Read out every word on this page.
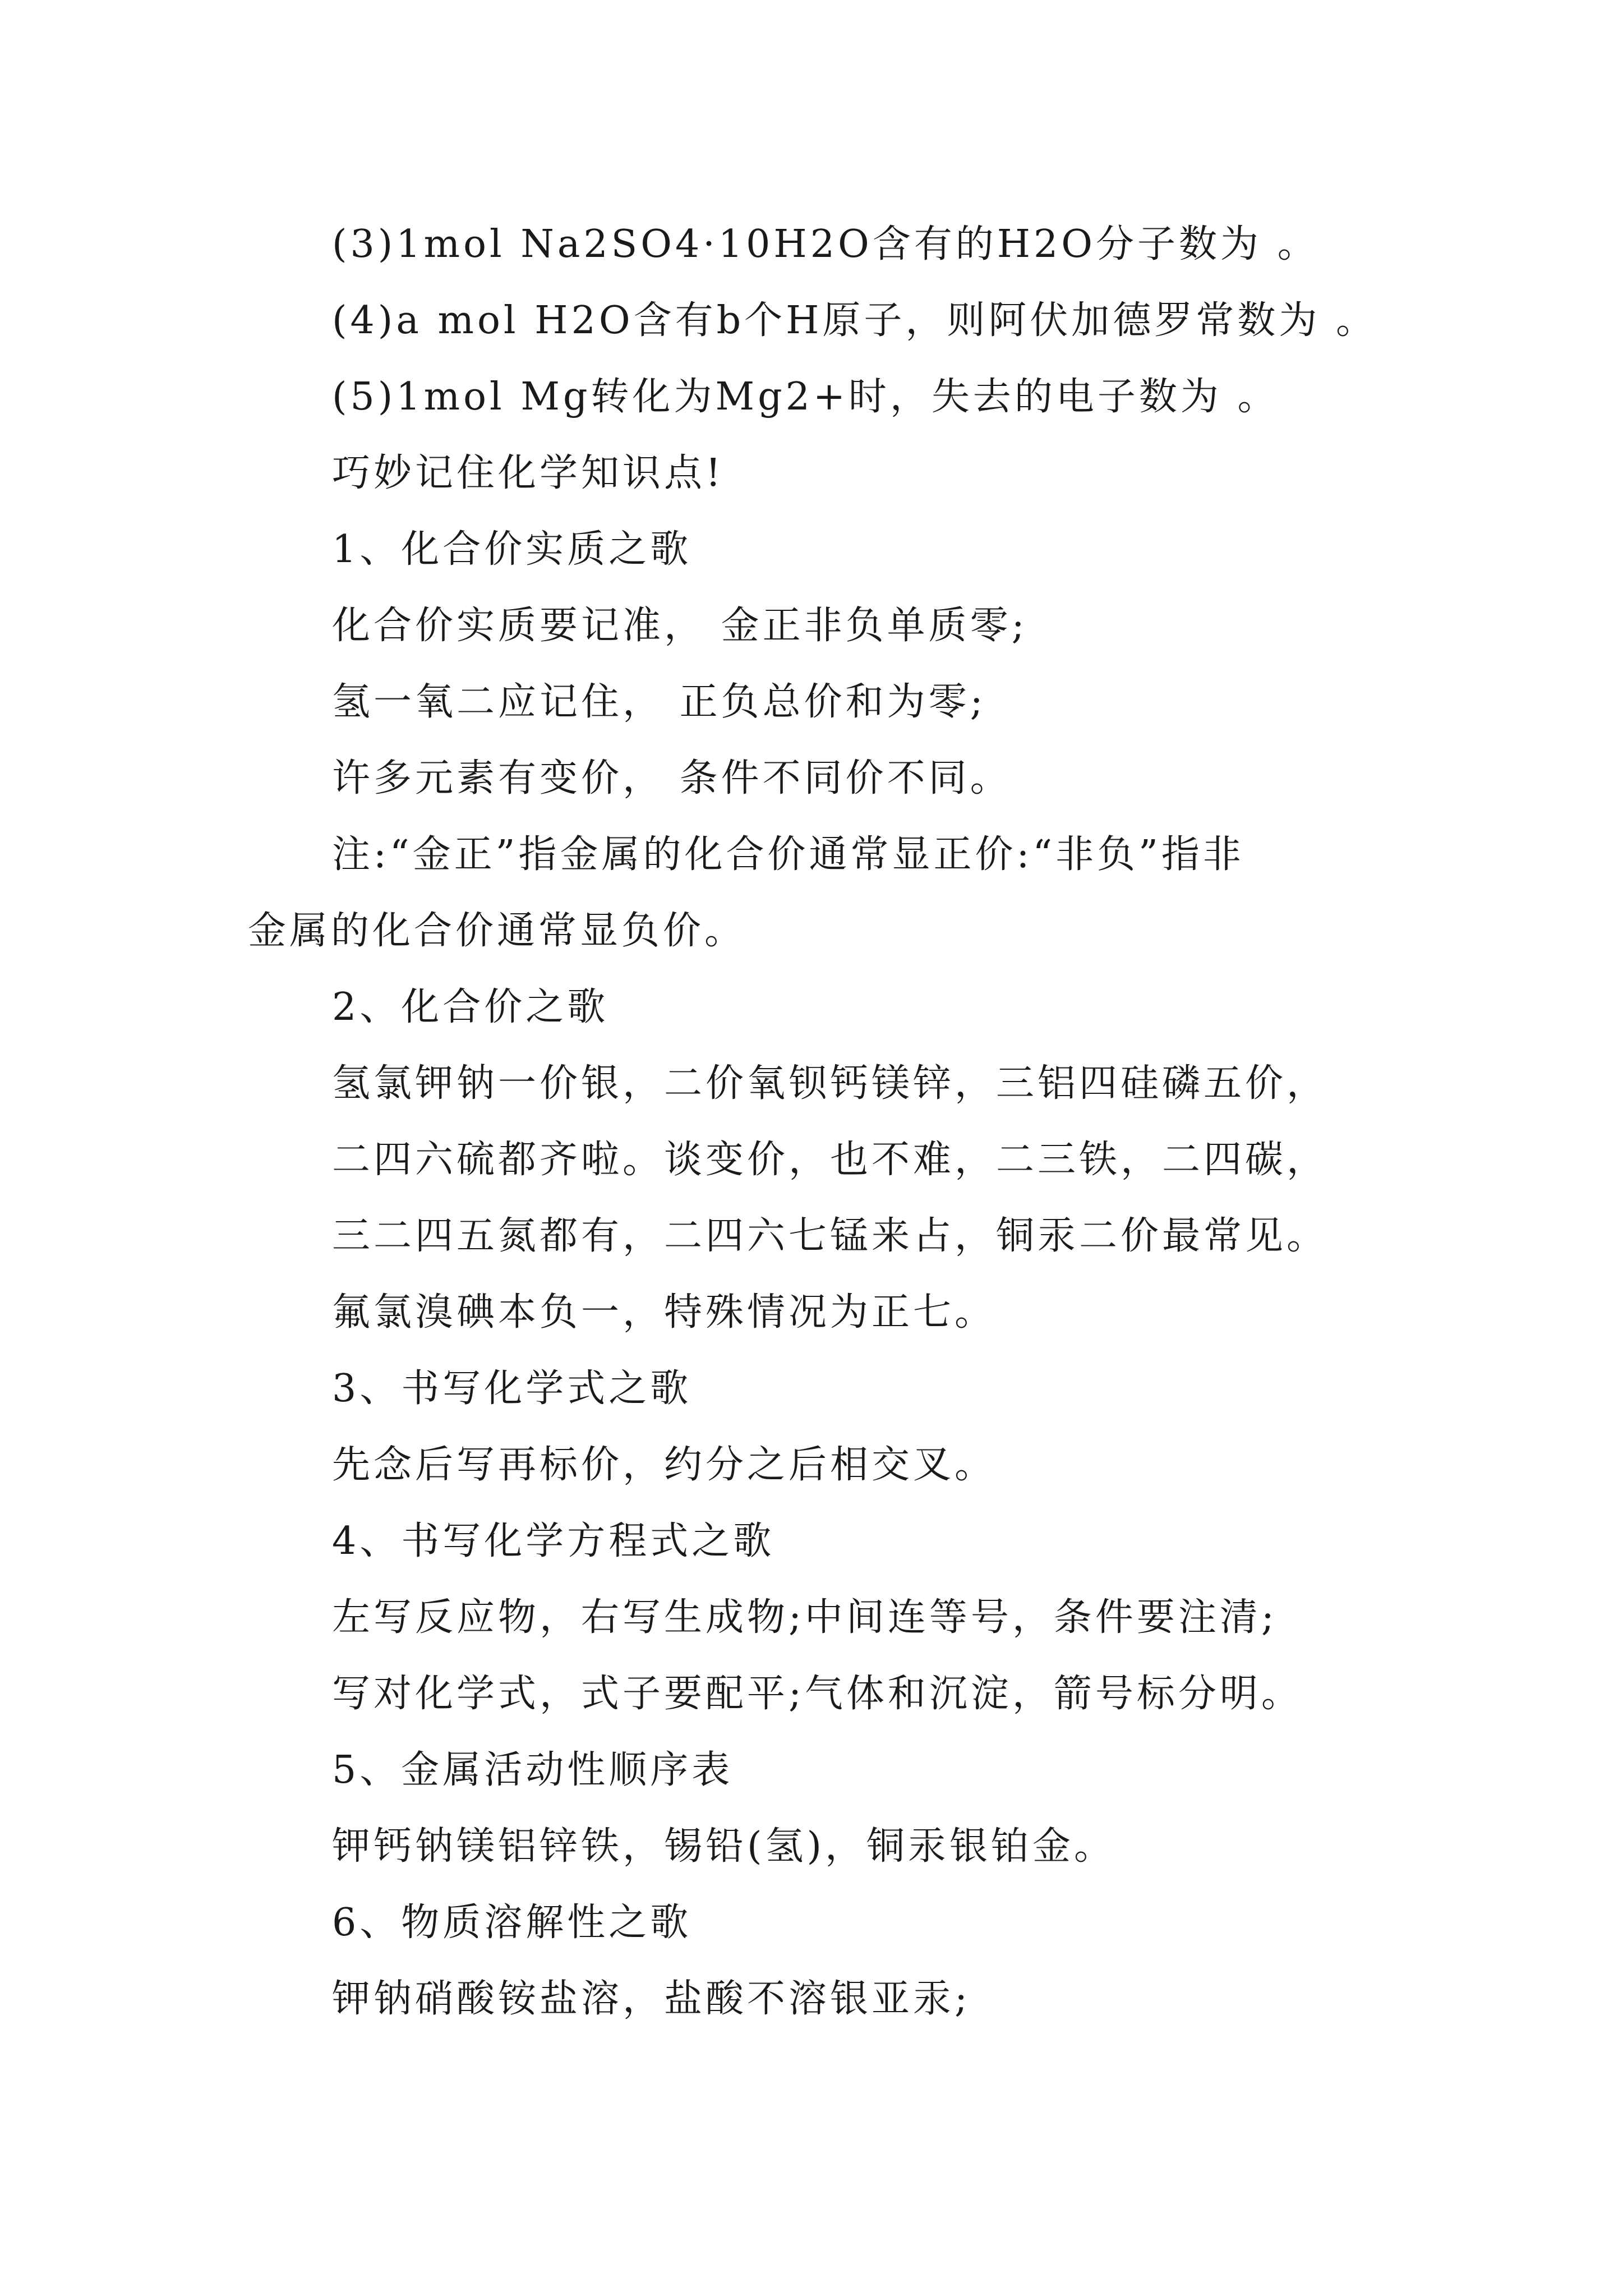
(3)1mol Na2SO4·10H2O含有的H2O分子数为 。
(4)a mol H2O含有b个H原子，则阿伏加德罗常数为 。
(5)1mol Mg转化为Mg2+时，失去的电子数为 。
巧妙记住化学知识点!
1、化合价实质之歌
化合价实质要记准， 金正非负单质零;
氢一氧二应记住， 正负总价和为零;
许多元素有变价， 条件不同价不同。
注:“金正”指金属的化合价通常显正价:“非负”指非
金属的化合价通常显负价。
2、化合价之歌
氢氯钾钠一价银，二价氧钡钙镁锌，三铝四硅磷五价，
二四六硫都齐啦。谈变价，也不难，二三铁，二四碳，
三二四五氮都有，二四六七锰来占，铜汞二价最常见。
氟氯溴碘本负一，特殊情况为正七。
3、书写化学式之歌
先念后写再标价，约分之后相交叉。
4、书写化学方程式之歌
左写反应物，右写生成物;中间连等号，条件要注清;
写对化学式，式子要配平;气体和沉淀，箭号标分明。
5、金属活动性顺序表
钾钙钠镁铝锌铁，锡铅(氢)，铜汞银铂金。
6、物质溶解性之歌
钾钠硝酸铵盐溶，盐酸不溶银亚汞;
